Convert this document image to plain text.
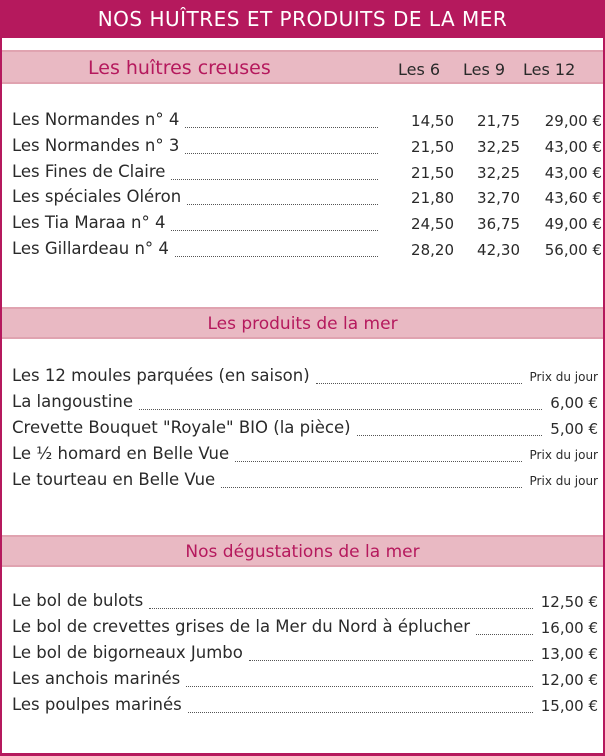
NOS HUÎTRES ET PRODUITS DE LA MER
Les huîtres creuses	Les 6 Les 9 Les 12
Les Normandes n° 4	14,50 21,75 29,00 €
Les Normandes n° 3	21,50 32,25 43,00 €
Les Fines de Claire	21,50 32,25 43,00 €
Les spéciales Oléron	21,80 32,70 43,60 €
Les Tia Maraa n° 4	24,50 36,75 49,00 €
Les Gillardeau n° 4	28,20 42,30 56,00 €
Les produits de la mer
Les 12 moules parquées (en saison)	Prix du jour
La langoustine	6,00 €
Crevette Bouquet "Royale" BIO (la pièce)	5,00 €
Le ½ homard en Belle Vue	Prix du jour
Le tourteau en Belle Vue	Prix du jour
Nos dégustations de la mer
Le bol de bulots	12,50 €
Le bol de crevettes grises de la Mer du Nord à éplucher	16,00 €
Le bol de bigorneaux Jumbo	13,00 €
Les anchois marinés	12,00 €
Les poulpes marinés	15,00 €
